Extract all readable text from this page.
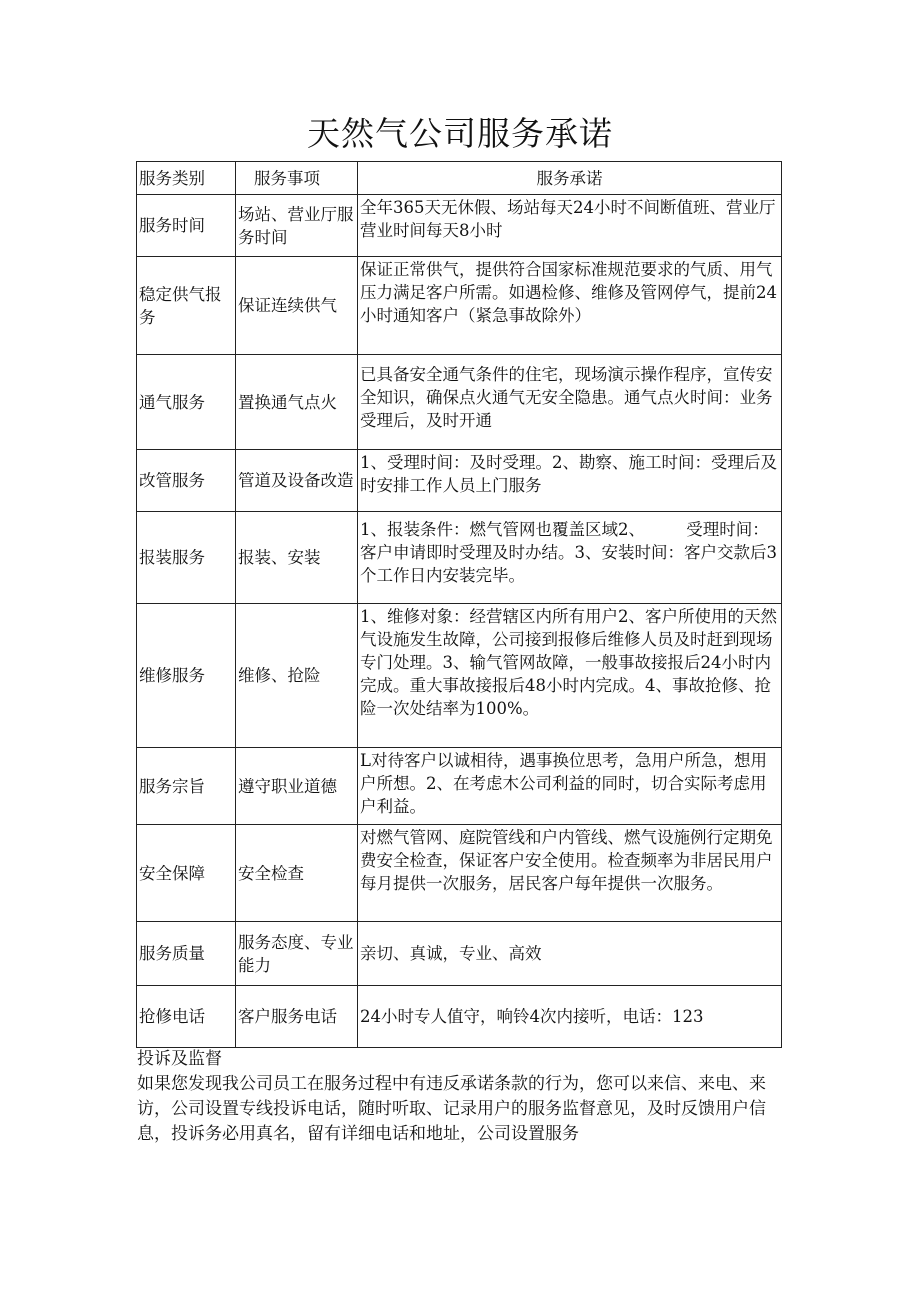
天然气公司服务承诺
服务类别	服务事项	服务承诺
服务时间	场站、营业厅服务时间	全年365天无休假、场站每天24小时不间断值班、营业厅营业时间每天8小时
稳定供气报务	保证连续供气	保证正常供气，提供符合国家标准规范要求的气质、用气压力满足客户所需。如遇检修、维修及管网停气，提前24小时通知客户（紧急事故除外）
通气服务	置换通气点火	已具备安全通气条件的住宅，现场演示操作程序，宣传安全知识，确保点火通气无安全隐患。通气点火时间：业务受理后，及时开通
改管服务	管道及设备改造	1、受理时间：及时受理。2、勘察、施工时间：受理后及时安排工作人员上门服务
报装服务	报装、安装	1、报装条件：燃气管网也覆盖区域2、　　　受理时间：客户申请即时受理及时办结。3、安装时间：客户交款后3个工作日内安装完毕。
维修服务	维修、抢险	1、维修对象：经营辖区内所有用户2、客户所使用的天然气设施发生故障，公司接到报修后维修人员及时赶到现场专门处理。3、输气管网故障，一般事故接报后24小时内完成。重大事故接报后48小时内完成。4、事故抢修、抢险一次处结率为100%。
服务宗旨	遵守职业道德	L对待客户以诚相待，遇事换位思考，急用户所急，想用户所想。2、在考虑木公司利益的同时，切合实际考虑用户利益。
安全保障	安全检查	对燃气管网、庭院管线和户内管线、燃气设施例行定期免费安全检查，保证客户安全使用。检查频率为非居民用户每月提供一次服务，居民客户每年提供一次服务。
服务质量	服务态度、专业能力	亲切、真诚，专业、高效
抢修电话	客户服务电话	24小时专人值守，响铃4次内接听，电话：123

投诉及监督

如果您发现我公司员工在服务过程中有违反承诺条款的行为，您可以来信、来电、来访，公司设置专线投诉电话，随时听取、记录用户的服务监督意见，及时反馈用户信息，投诉务必用真名，留有详细电话和地址，公司设置服务
